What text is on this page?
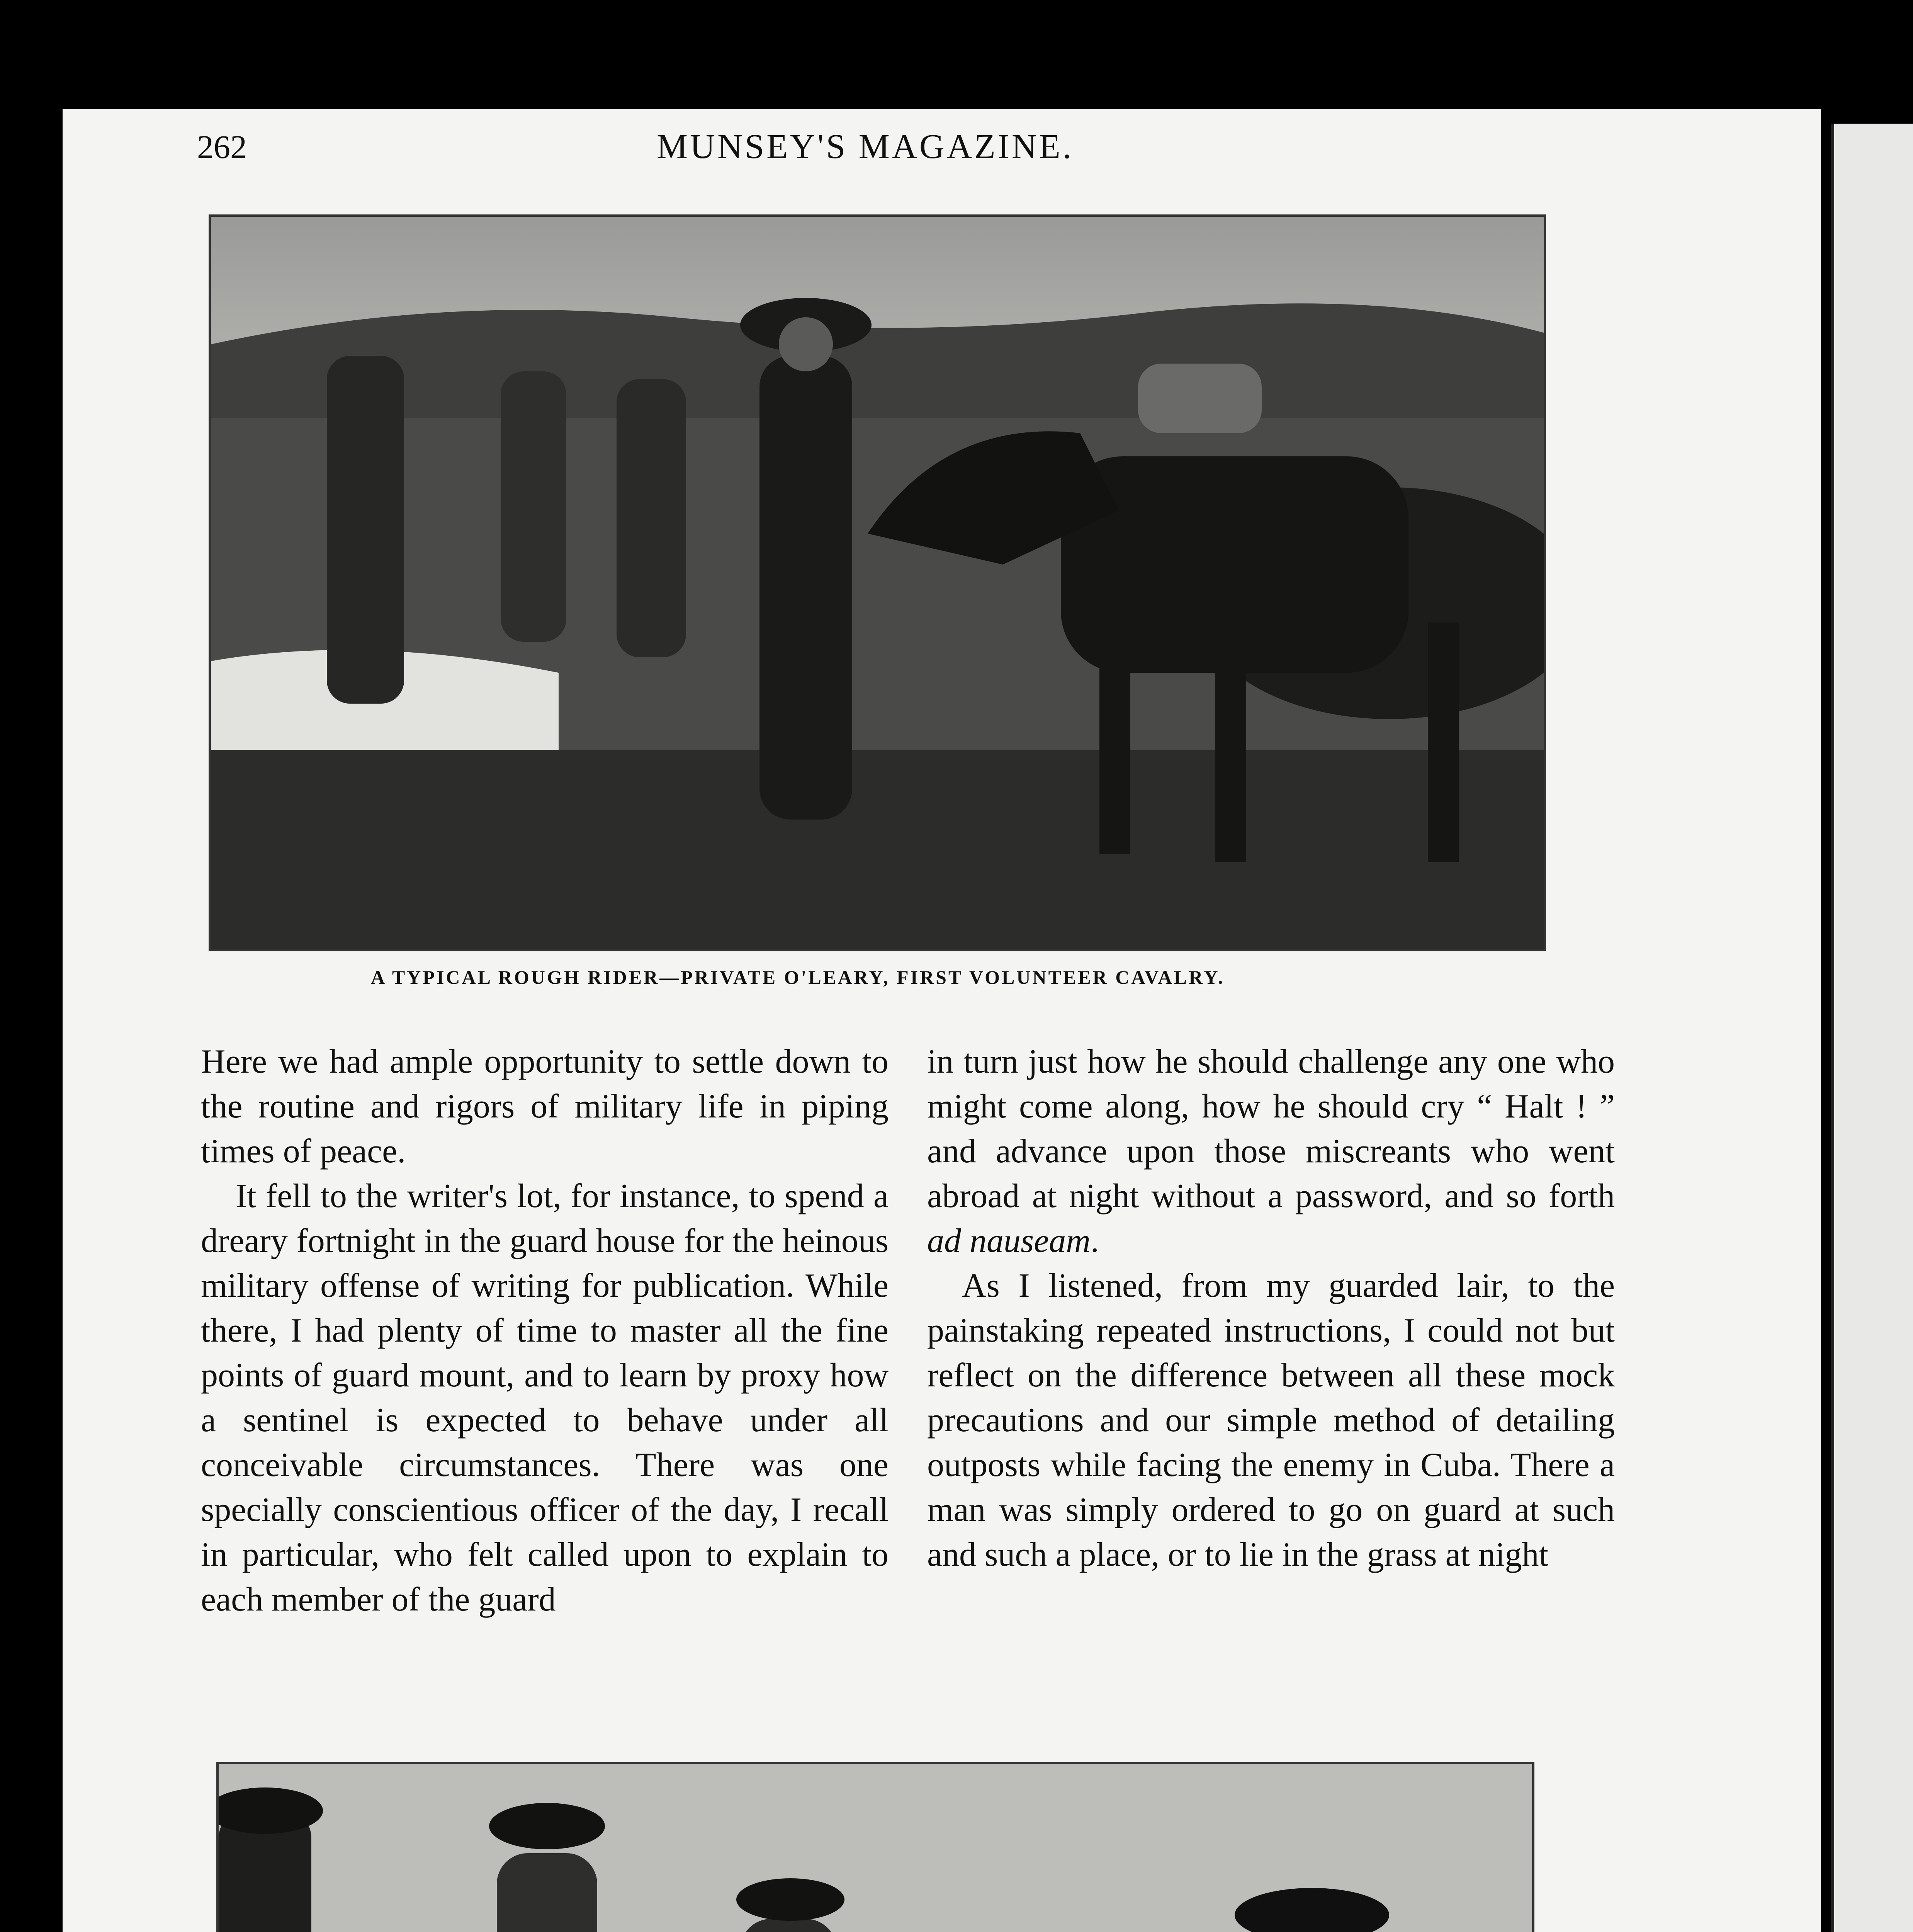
262	MUNSEY'S MAGAZINE.
A TYPICAL ROUGH RIDER—PRIVATE O'LEARY, FIRST VOLUNTEER CAVALRY.

Here we had ample opportunity to settle down to the routine and rigors of military life in piping times of peace.

It fell to the writer's lot, for instance, to spend a dreary fortnight in the guard house for the heinous military offense of writing for publication. While there, I had plenty of time to master all the fine points of guard mount, and to learn by proxy how a sentinel is expected to behave under all conceivable circumstances. There was one specially conscientious officer of the day, I recall in particular, who felt called upon to explain to each member of the guard

in turn just how he should challenge any one who might come along, how he should cry “ Halt ! ” and advance upon those miscreants who went abroad at night without a password, and so forth ad nauseam.

As I listened, from my guarded lair, to the painstaking repeated instructions, I could not but reflect on the difference between all these mock precautions and our simple method of detailing outposts while facing the enemy in Cuba. There a man was simply ordered to go on guard at such and such a place, or to lie in the grass at night
